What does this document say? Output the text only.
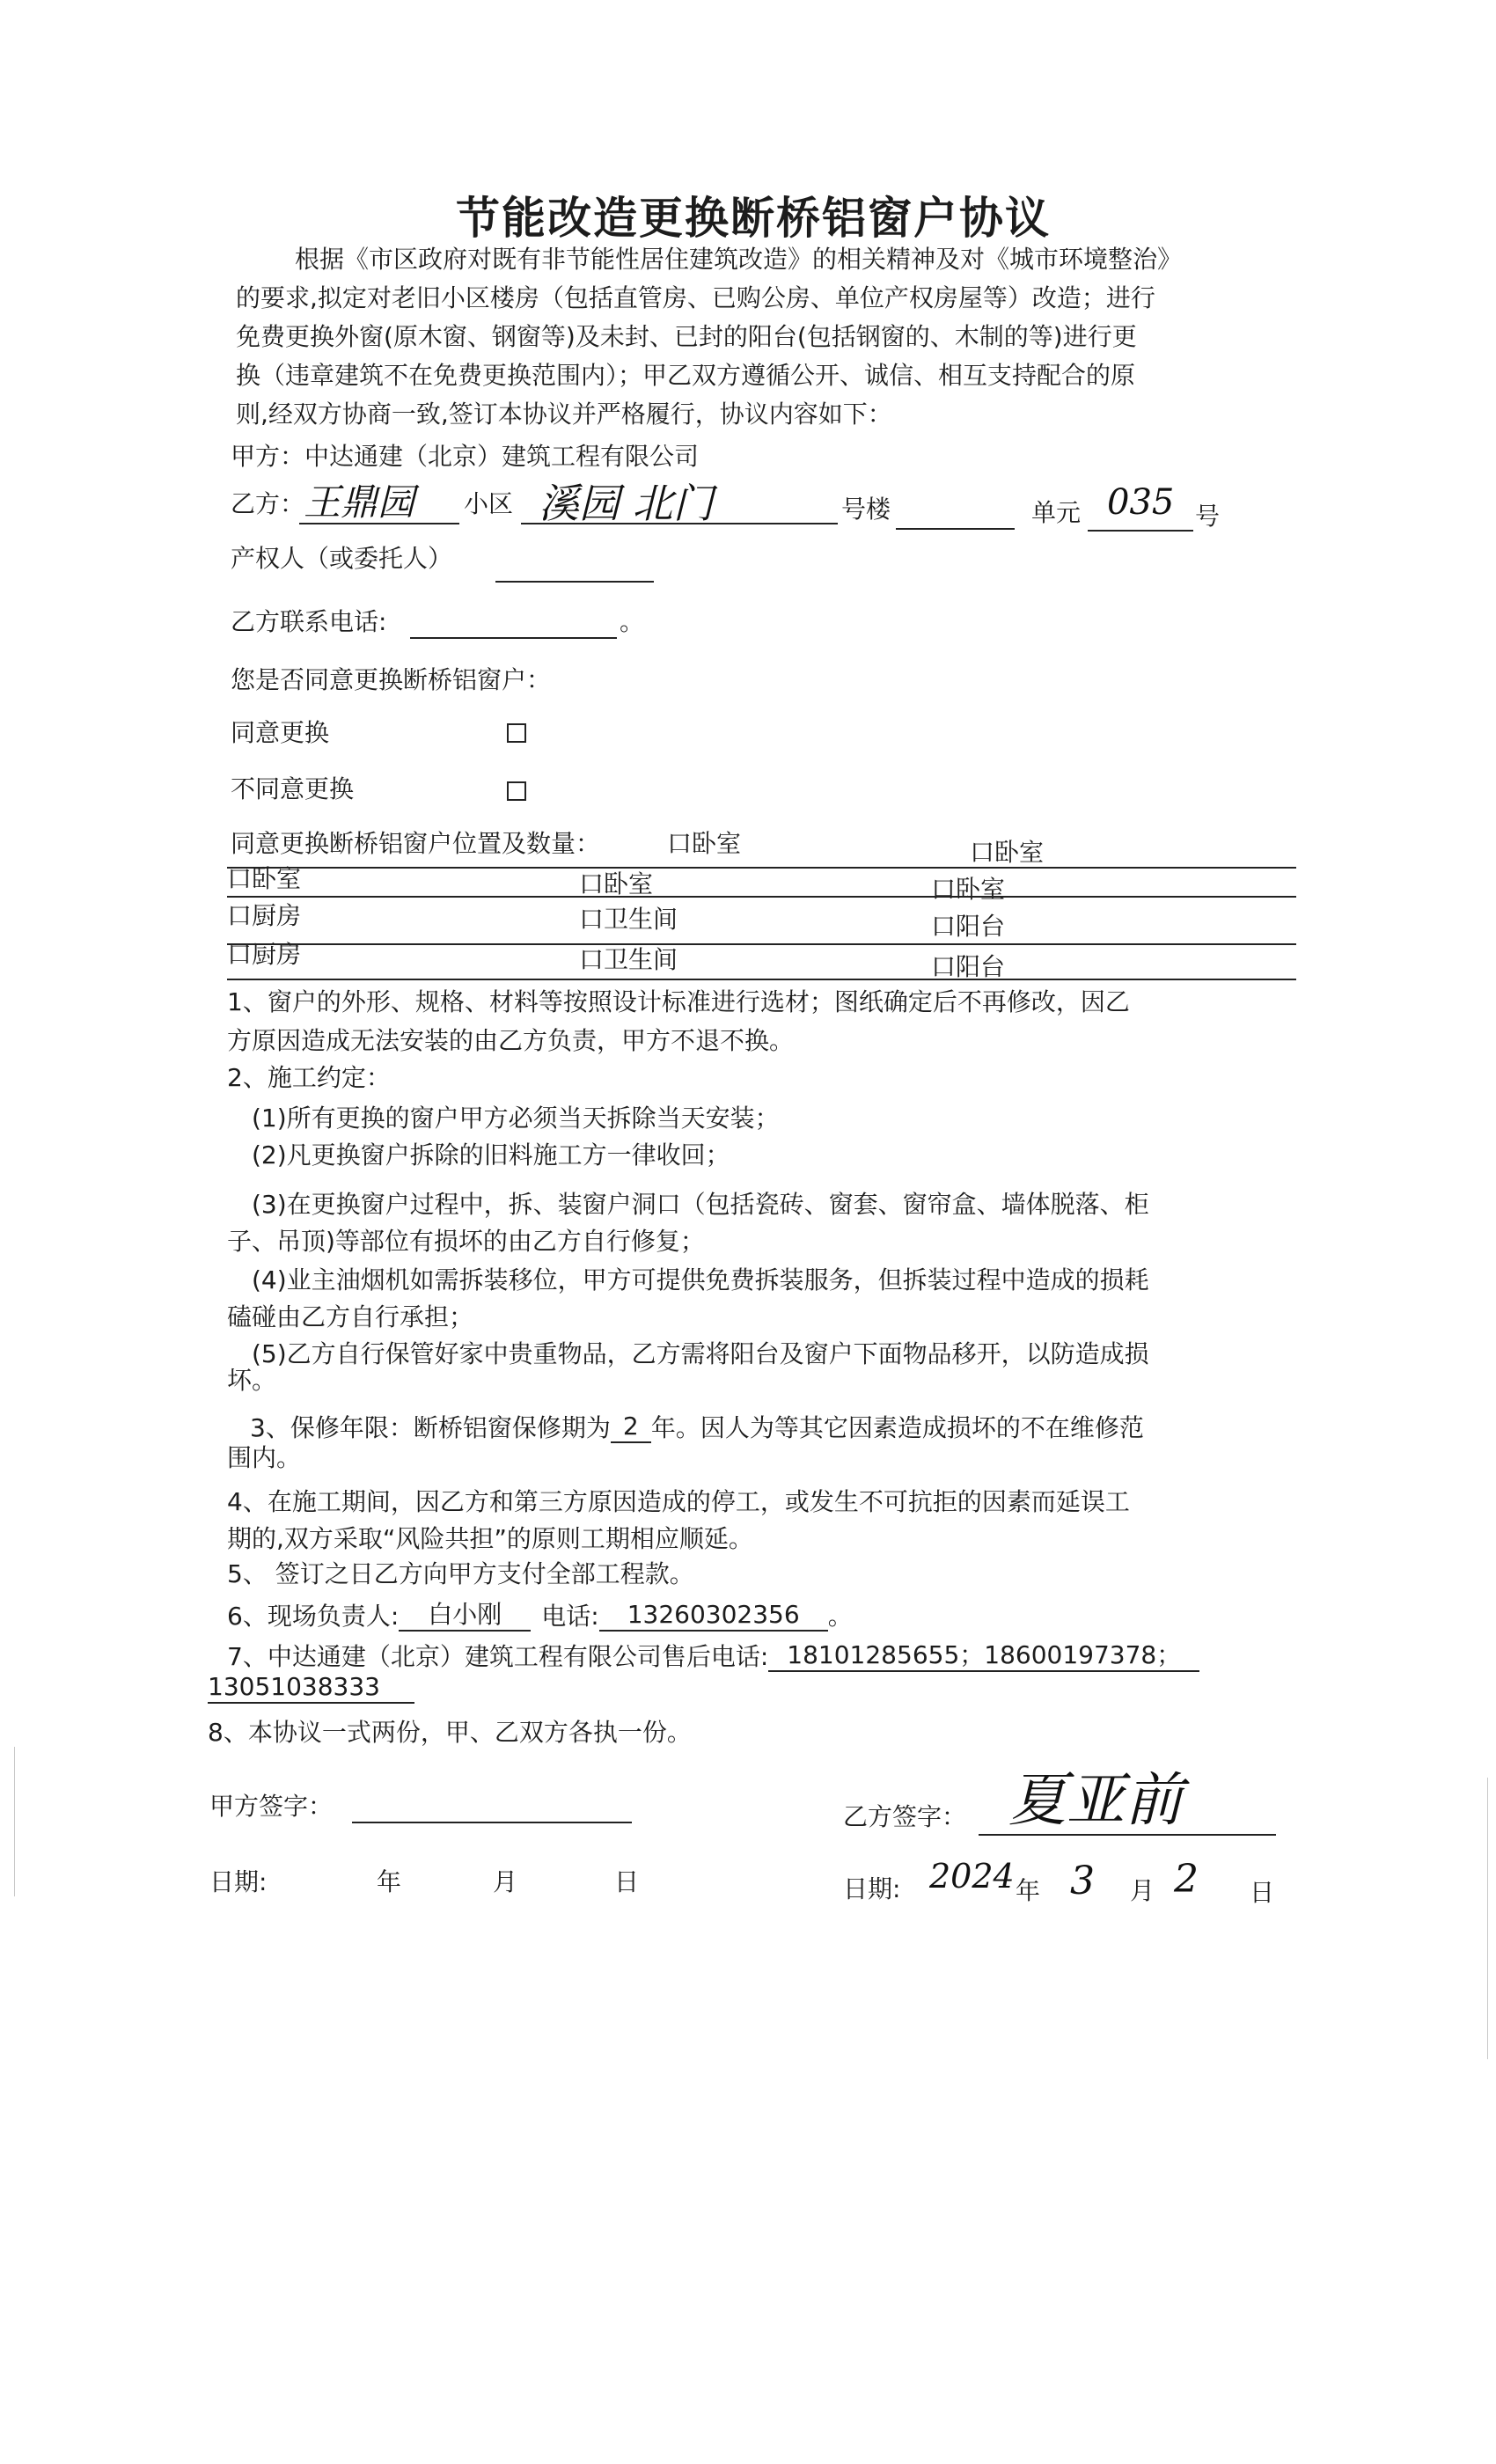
节能改造更换断桥铝窗户协议
根据《市区政府对既有非节能性居住建筑改造》的相关精神及对《城市环境整治》
的要求,拟定对老旧小区楼房（包括直管房、已购公房、单位产权房屋等）改造；进行
免费更换外窗(原木窗、钢窗等)及未封、已封的阳台(包括钢窗的、木制的等)进行更
换（违章建筑不在免费更换范围内）；甲乙双方遵循公开、诚信、相互支持配合的原
则,经双方协商一致,签订本协议并严格履行，协议内容如下：
甲方：中达通建（北京）建筑工程有限公司
乙方：
王鼎园 小区 溪园 北门	号楼	单元 035 号
产权人（或委托人）
乙方联系电话:	。
您是否同意更换断桥铝窗户：
同意更换
不同意更换
同意更换断桥铝窗户位置及数量：	口卧室	口卧室
口卧室	口卧室	口卧室
口厨房	口卫生间	口阳台
口厨房	口卫生间	口阳台
1、窗户的外形、规格、材料等按照设计标准进行选材；图纸确定后不再修改，因乙
方原因造成无法安装的由乙方负责，甲方不退不换。
2、施工约定：
(1)所有更换的窗户甲方必须当天拆除当天安装；
(2)凡更换窗户拆除的旧料施工方一律收回；
(3)在更换窗户过程中，拆、装窗户洞口（包括瓷砖、窗套、窗帘盒、墙体脱落、柜
子、吊顶)等部位有损坏的由乙方自行修复；
(4)业主油烟机如需拆装移位，甲方可提供免费拆装服务，但拆装过程中造成的损耗
磕碰由乙方自行承担；
(5)乙方自行保管好家中贵重物品，乙方需将阳台及窗户下面物品移开，以防造成损
坏。
3、保修年限：断桥铝窗保修期为 2 年。因人为等其它因素造成损坏的不在维修范
围内。
4、在施工期间，因乙方和第三方原因造成的停工，或发生不可抗拒的因素而延误工
期的,双方采取“风险共担”的原则工期相应顺延。
5、 签订之日乙方向甲方支付全部工程款。
6、现场负责人: 白小刚 电话: 13260302356 。
7、中达通建（北京）建筑工程有限公司售后电话: 18101285655；18600197378；
13051038333
8、本协议一式两份，甲、乙双方各执一份。
甲方签字：	乙方签字： 夏亚前
日期:	年	月	日	日期: 2024 年 3 月 2 日
